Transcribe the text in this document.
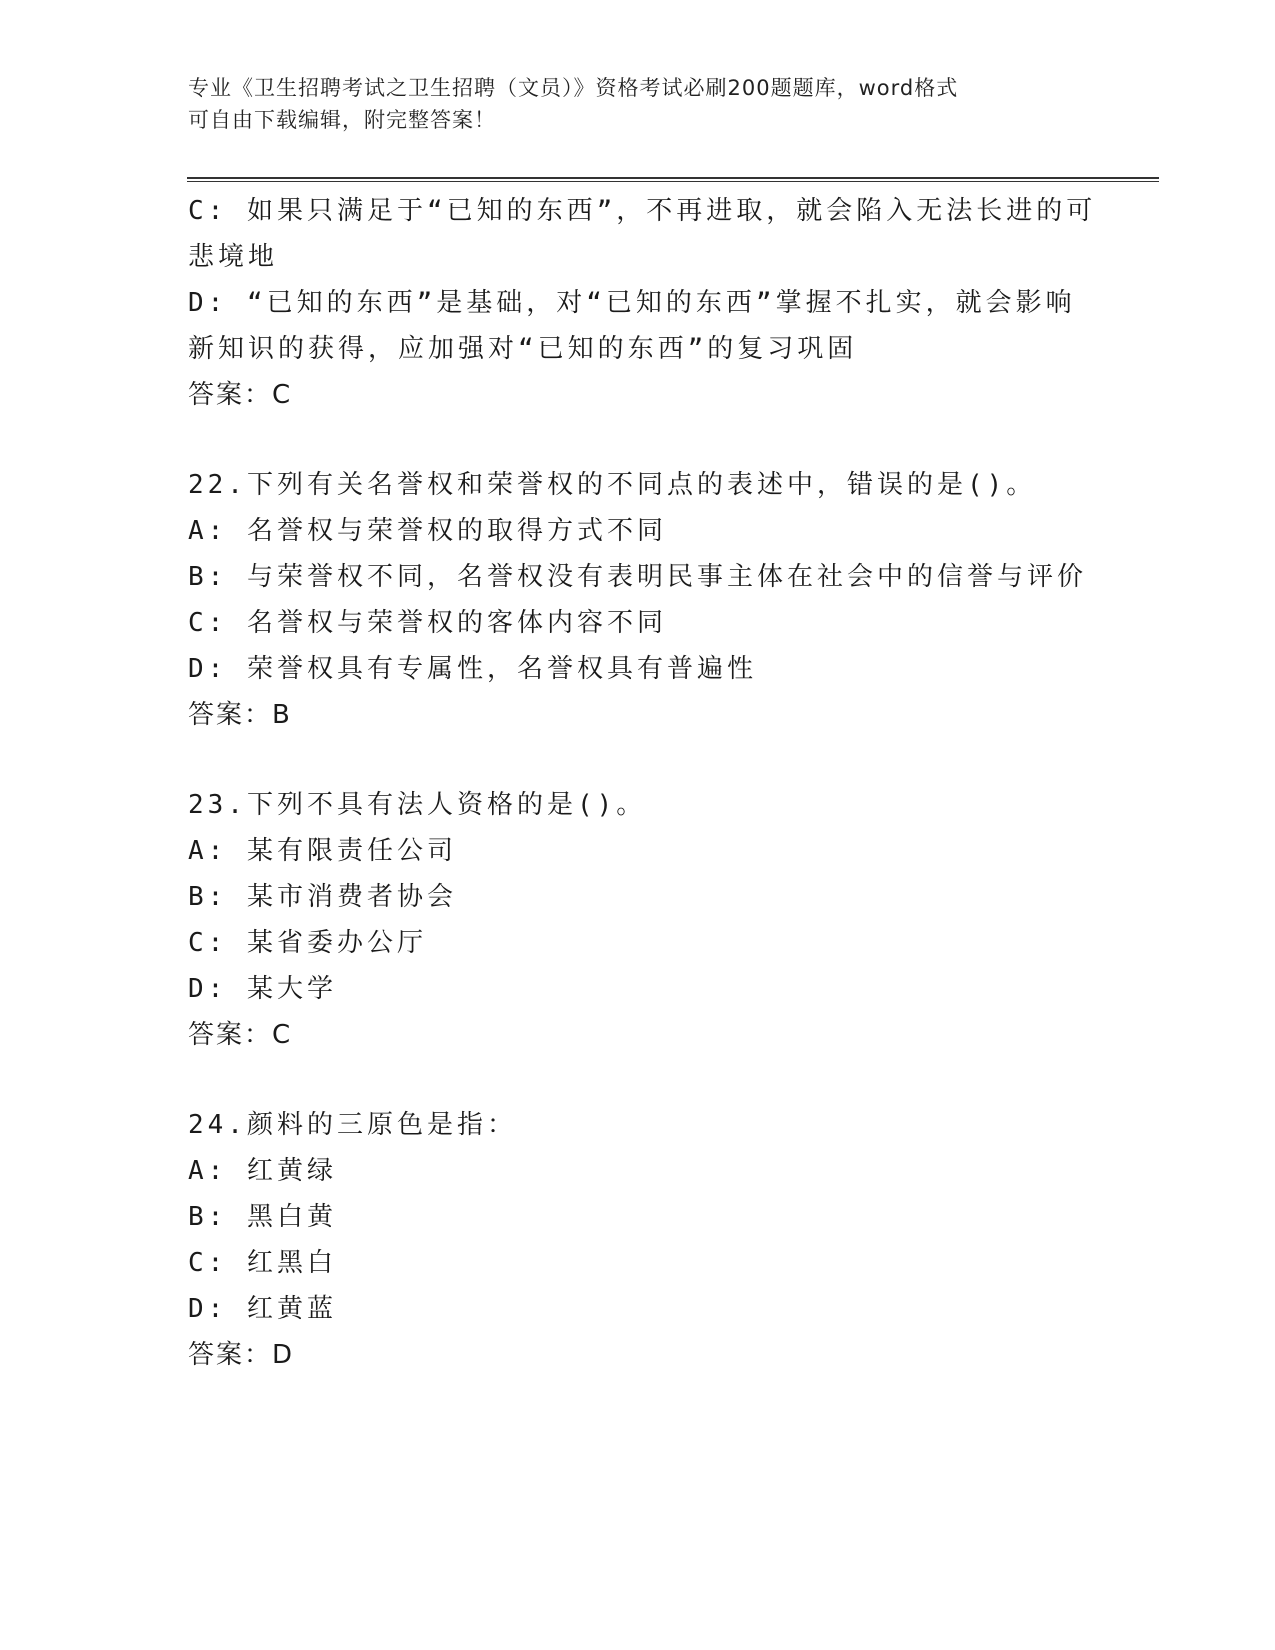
专业《卫生招聘考试之卫生招聘（文员）》资格考试必刷200题题库，word格式
可自由下载编辑，附完整答案！
C: 如果只满足于“已知的东西”，不再进取，就会陷入无法长进的可
悲境地
D: “已知的东西”是基础，对“已知的东西”掌握不扎实，就会影响
新知识的获得，应加强对“已知的东西”的复习巩固
答案：C
22.下列有关名誉权和荣誉权的不同点的表述中，错误的是()。
A: 名誉权与荣誉权的取得方式不同
B: 与荣誉权不同，名誉权没有表明民事主体在社会中的信誉与评价
C: 名誉权与荣誉权的客体内容不同
D: 荣誉权具有专属性，名誉权具有普遍性
答案：B
23.下列不具有法人资格的是()。
A: 某有限责任公司
B: 某市消费者协会
C: 某省委办公厅
D: 某大学
答案：C
24.颜料的三原色是指：
A: 红黄绿
B: 黑白黄
C: 红黑白
D: 红黄蓝
答案：D
